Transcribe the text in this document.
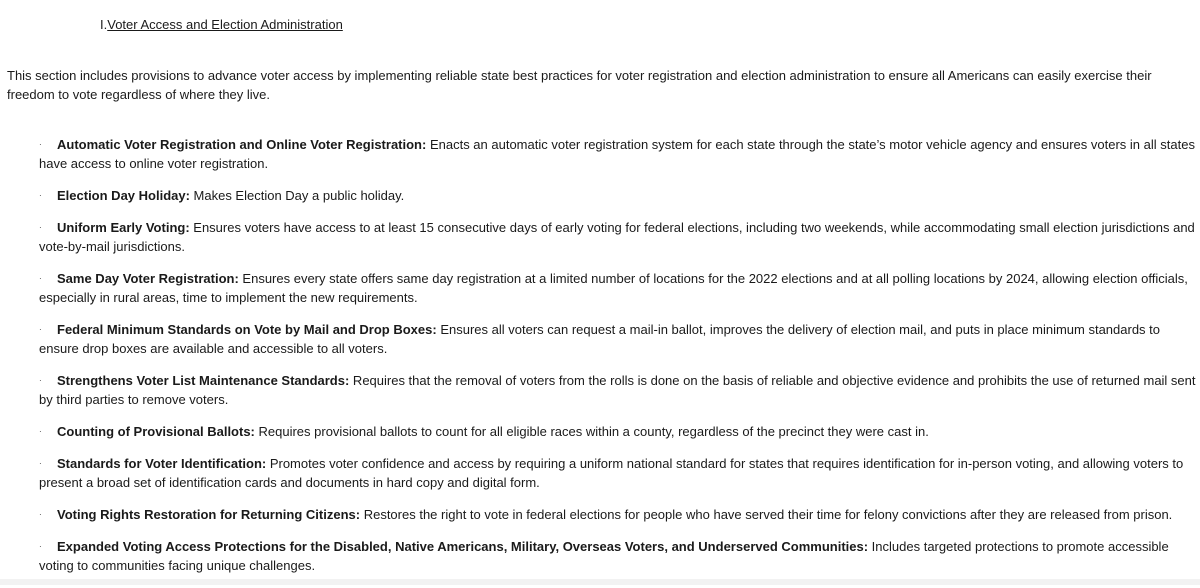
I.Voter Access and Election Administration

This section includes provisions to advance voter access by implementing reliable state best practices for voter registration and election administration to ensure all Americans can easily exercise their freedom to vote regardless of where they live.

· Automatic Voter Registration and Online Voter Registration: Enacts an automatic voter registration system for each state through the state’s motor vehicle agency and ensures voters in all states have access to online voter registration.
· Election Day Holiday: Makes Election Day a public holiday.
· Uniform Early Voting: Ensures voters have access to at least 15 consecutive days of early voting for federal elections, including two weekends, while accommodating small election jurisdictions and vote-by-mail jurisdictions.
· Same Day Voter Registration: Ensures every state offers same day registration at a limited number of locations for the 2022 elections and at all polling locations by 2024, allowing election officials, especially in rural areas, time to implement the new requirements.
· Federal Minimum Standards on Vote by Mail and Drop Boxes: Ensures all voters can request a mail-in ballot, improves the delivery of election mail, and puts in place minimum standards to ensure drop boxes are available and accessible to all voters.
· Strengthens Voter List Maintenance Standards: Requires that the removal of voters from the rolls is done on the basis of reliable and objective evidence and prohibits the use of returned mail sent by third parties to remove voters.
· Counting of Provisional Ballots: Requires provisional ballots to count for all eligible races within a county, regardless of the precinct they were cast in.
· Standards for Voter Identification: Promotes voter confidence and access by requiring a uniform national standard for states that requires identification for in-person voting, and allowing voters to present a broad set of identification cards and documents in hard copy and digital form.
· Voting Rights Restoration for Returning Citizens: Restores the right to vote in federal elections for people who have served their time for felony convictions after they are released from prison.
· Expanded Voting Access Protections for the Disabled, Native Americans, Military, Overseas Voters, and Underserved Communities: Includes targeted protections to promote accessible voting to communities facing unique challenges.
